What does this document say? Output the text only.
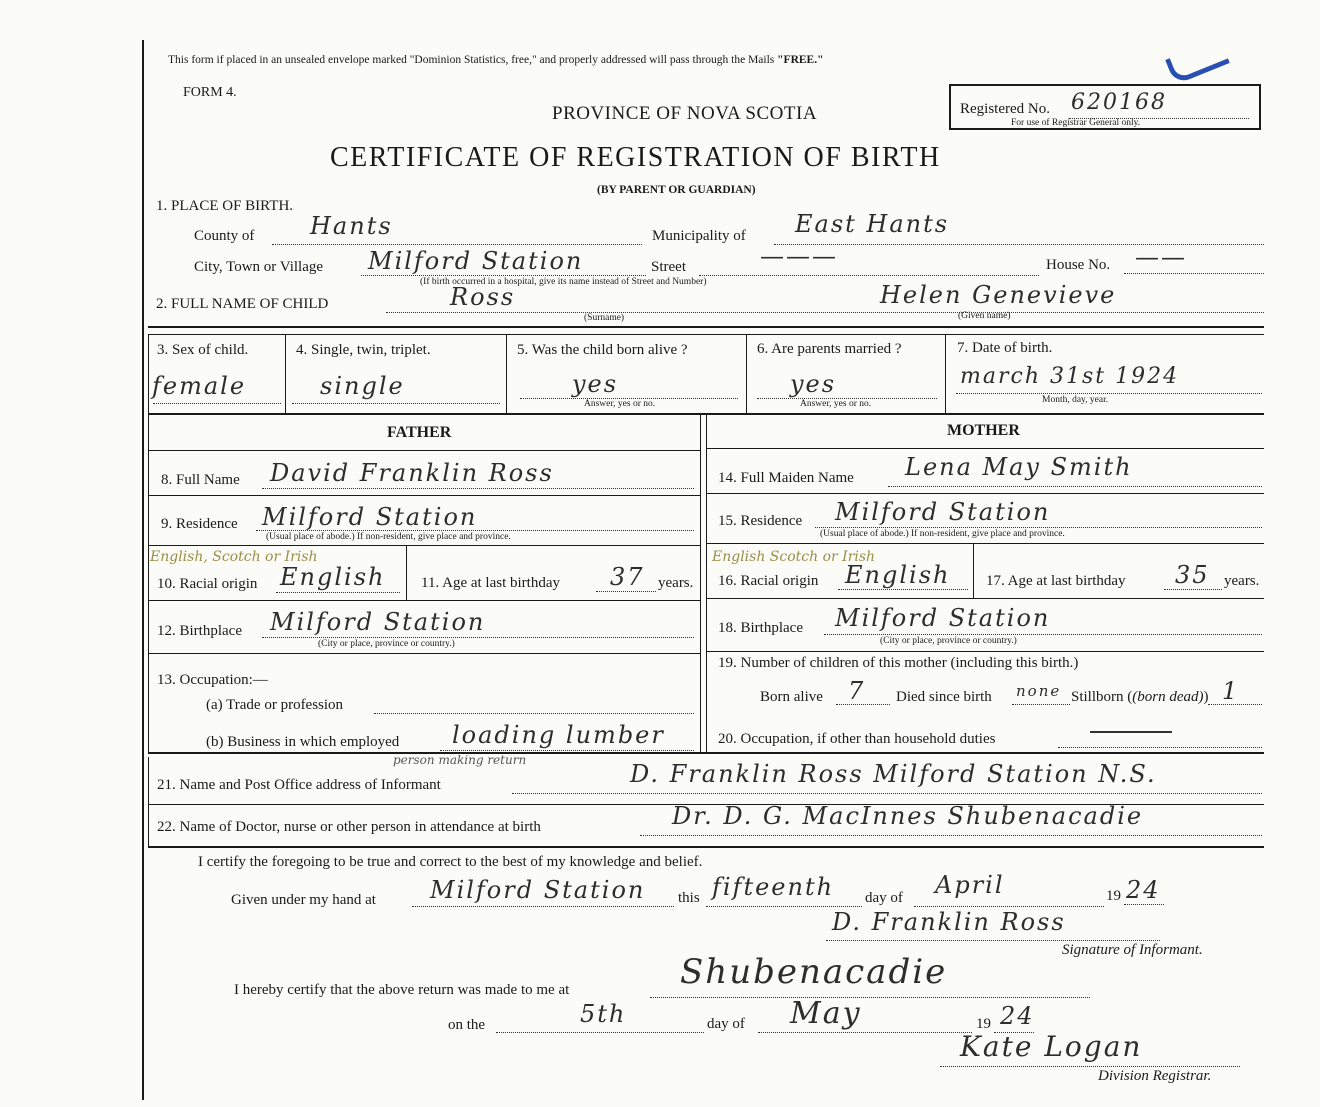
This form if placed in an unsealed envelope marked "Dominion Statistics, free," and properly addressed will pass through the Mails "FREE."
FORM 4.
PROVINCE OF NOVA SCOTIA
CERTIFICATE OF REGISTRATION OF BIRTH
(BY PARENT OR GUARDIAN)
Registered No. 620168
For use of Registrar General only.
1. PLACE OF BIRTH.
County of Hants	Municipality of East Hants
City, Town or Village Milford Station	Street	———
(If birth occurred in a hospital, give its name instead of Street and Number)
House No. ——
2. FULL NAME OF CHILD	Ross
(Surname)
Helen Genevieve
(Given name)
3. Sex of child.
female
4. Single, twin, triplet.
single
5. Was the child born alive ?
yes
Answer, yes or no.
6. Are parents married ?
yes
Answer, yes or no.
7. Date of birth.
march 31st 1924
Month, day, year.
FATHER	MOTHER
8. Full Name David Franklin Ross
9. Residence Milford Station
(Usual place of abode.) If non-resident, give place and province.
English, Scotch or Irish
10. Racial origin English 11. Age at last birthday 37 years.
12. Birthplace Milford Station
(City or place, province or country.)
13. Occupation:—
(a) Trade or profession
(b) Business in which employed loading lumber
14. Full Maiden Name Lena May Smith
15. Residence Milford Station
(Usual place of abode.) If non-resident, give place and province.
English Scotch or Irish
16. Racial origin English 17. Age at last birthday 35 years.
18. Birthplace Milford Station
(City or place, province or country.)
19. Number of children of this mother (including this birth.)
Born alive 7 Died since birth none Stillborn ((born dead)) 1
20. Occupation, if other than household duties
21. Name and Post Office address of Informant
person making return	D. Franklin Ross Milford Station N.S.
22. Name of Doctor, nurse or other person in attendance at birth	Dr. D. G. MacInnes Shubenacadie
I certify the foregoing to be true and correct to the best of my knowledge and belief.
Given under my hand at Milford Station this fifteenth day of April	19 24
D. Franklin Ross
Signature of Informant.
I hereby certify that the above return was made to me at	Shubenacadie
on the	5th	day of May	19 24
Kate Logan
Division Registrar.
